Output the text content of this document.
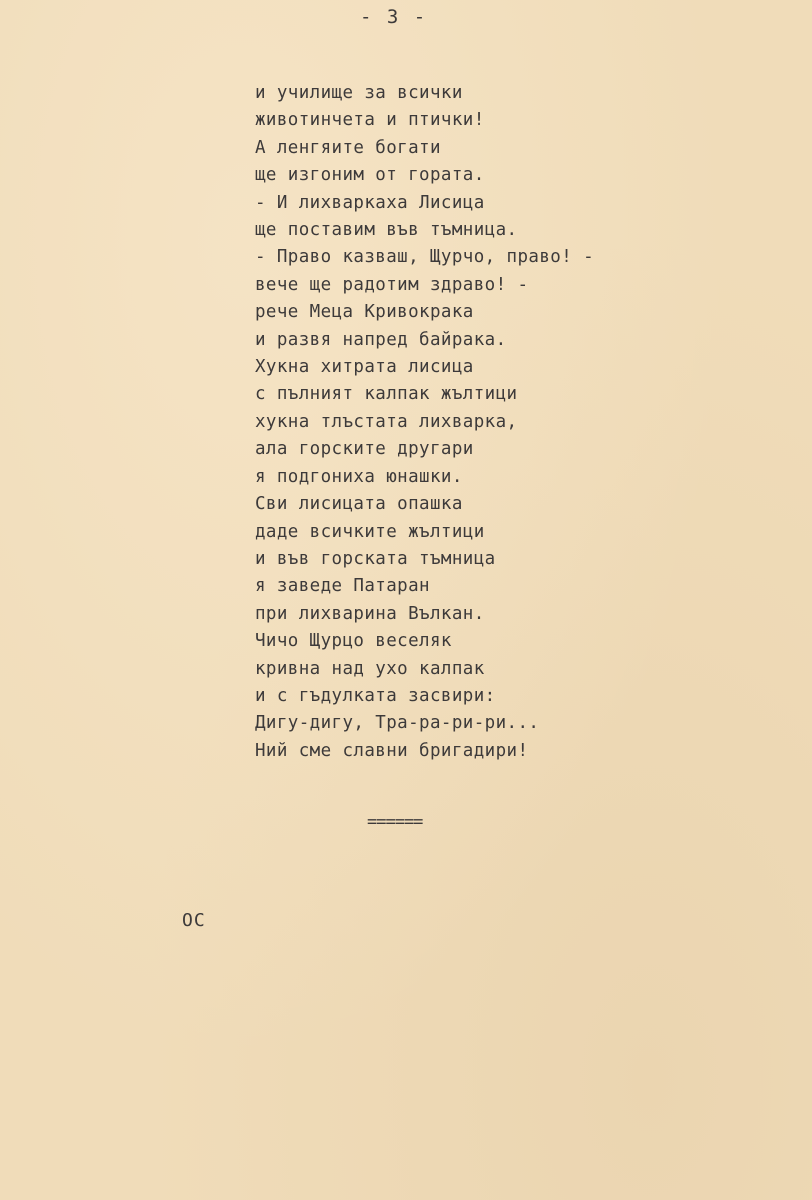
- 3 -
и училище за всички
животинчета и птички!
А ленгяите богати
ще изгоним от гората.
- И лихваркаха Лисица
ще поставим във тъмница.
- Право казваш, Щурчо, право! -
вече ще радотим здраво! -
рече Меца Кривокрака
и развя напред байрака.
Хукна хитрата лисица
с пълният калпак жълтици
хукна тлъстата лихварка,
ала горските другари
я подгониха юнашки.
Сви лисицата опашка
даде всичките жълтици
и във горската тъмница
я заведе Патаран
при лихварина Вълкан.
Чичо Щурцо веселяк
кривна над ухо калпак
и с гъдулката засвири:
Дигу-дигу, Тра-ра-ри-ри...
Ний сме славни бригадири!
======
ОС
